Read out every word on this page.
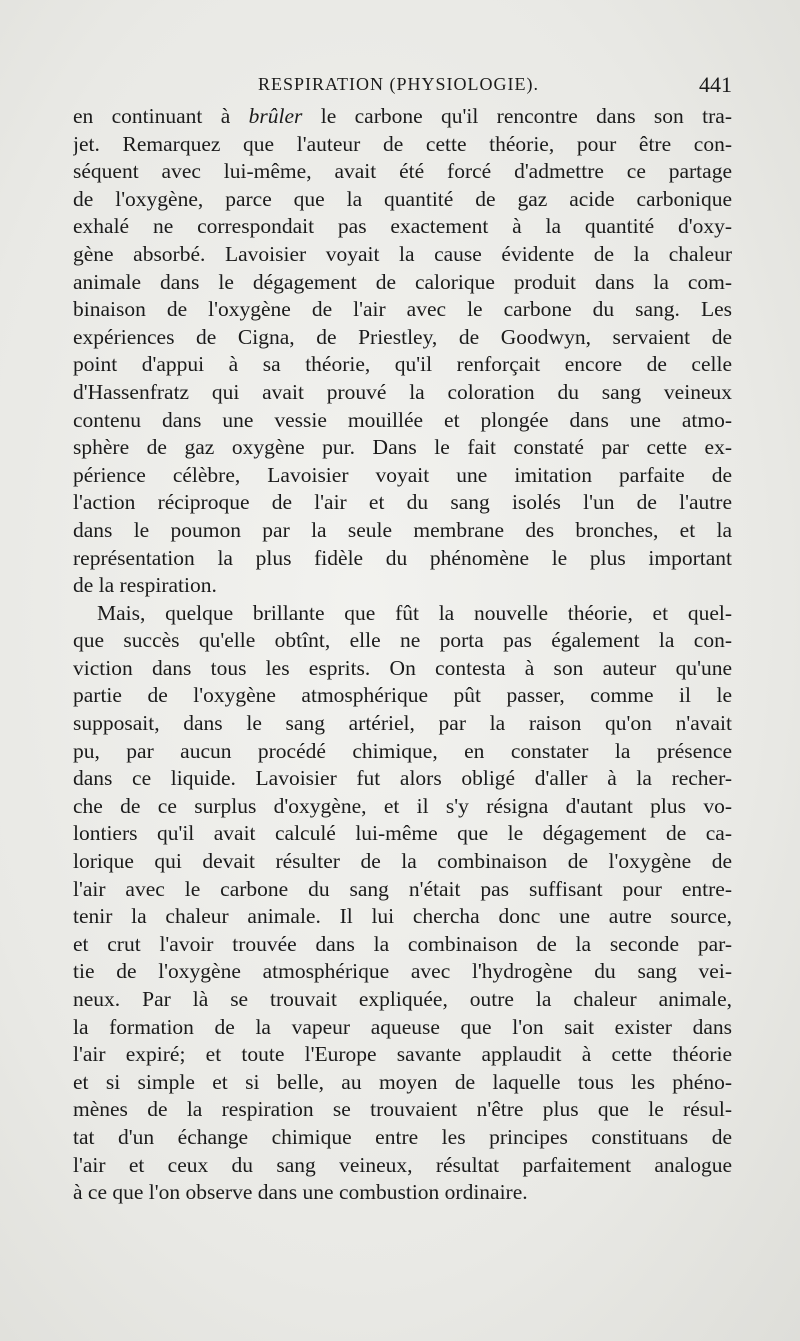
RESPIRATION (PHYSIOLOGIE).	441
en continuant à brûler le carbone qu'il rencontre dans son tra-
jet. Remarquez que l'auteur de cette théorie, pour être con-
séquent avec lui-même, avait été forcé d'admettre ce partage
de l'oxygène, parce que la quantité de gaz acide carbonique
exhalé ne correspondait pas exactement à la quantité d'oxy-
gène absorbé. Lavoisier voyait la cause évidente de la chaleur
animale dans le dégagement de calorique produit dans la com-
binaison de l'oxygène de l'air avec le carbone du sang. Les
expériences de Cigna, de Priestley, de Goodwyn, servaient de
point d'appui à sa théorie, qu'il renforçait encore de celle
d'Hassenfratz qui avait prouvé la coloration du sang veineux
contenu dans une vessie mouillée et plongée dans une atmo-
sphère de gaz oxygène pur. Dans le fait constaté par cette ex-
périence célèbre, Lavoisier voyait une imitation parfaite de
l'action réciproque de l'air et du sang isolés l'un de l'autre
dans le poumon par la seule membrane des bronches, et la
représentation la plus fidèle du phénomène le plus important
de la respiration.
Mais, quelque brillante que fût la nouvelle théorie, et quel-
que succès qu'elle obtînt, elle ne porta pas également la con-
viction dans tous les esprits. On contesta à son auteur qu'une
partie de l'oxygène atmosphérique pût passer, comme il le
supposait, dans le sang artériel, par la raison qu'on n'avait
pu, par aucun procédé chimique, en constater la présence
dans ce liquide. Lavoisier fut alors obligé d'aller à la recher-
che de ce surplus d'oxygène, et il s'y résigna d'autant plus vo-
lontiers qu'il avait calculé lui-même que le dégagement de ca-
lorique qui devait résulter de la combinaison de l'oxygène de
l'air avec le carbone du sang n'était pas suffisant pour entre-
tenir la chaleur animale. Il lui chercha donc une autre source,
et crut l'avoir trouvée dans la combinaison de la seconde par-
tie de l'oxygène atmosphérique avec l'hydrogène du sang vei-
neux. Par là se trouvait expliquée, outre la chaleur animale,
la formation de la vapeur aqueuse que l'on sait exister dans
l'air expiré; et toute l'Europe savante applaudit à cette théorie
et si simple et si belle, au moyen de laquelle tous les phéno-
mènes de la respiration se trouvaient n'être plus que le résul-
tat d'un échange chimique entre les principes constituans de
l'air et ceux du sang veineux, résultat parfaitement analogue
à ce que l'on observe dans une combustion ordinaire.
